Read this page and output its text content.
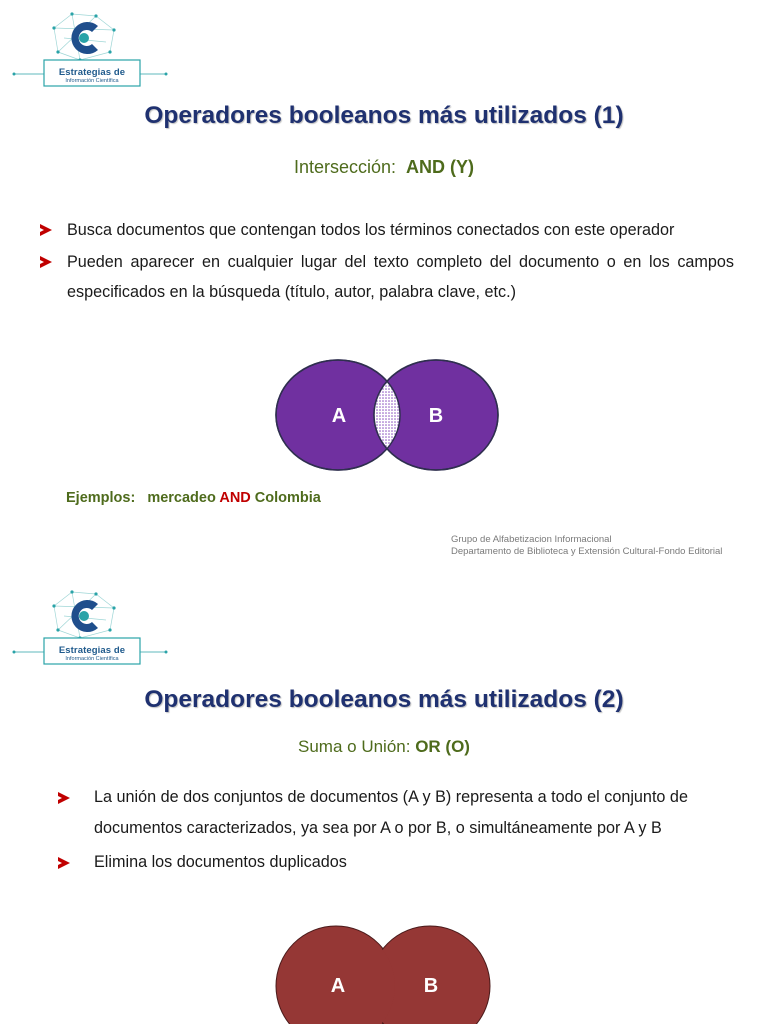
Estrategias de
Información Científica
Operadores booleanos más utilizados (1)
Intersección: AND (Y)
Busca documentos que contengan todos los términos conectados con este operador
Pueden aparecer en cualquier lugar del texto completo del documento o en los campos especificados en la búsqueda (título, autor, palabra clave, etc.)
A	B
Ejemplos: mercadeo AND Colombia
Grupo de Alfabetizacion Informacional
Departamento de Biblioteca y Extensión Cultural-Fondo Editorial
Estrategias de
Información Científica
Operadores booleanos más utilizados (2)
Suma o Unión: OR (O)
La unión de dos conjuntos de documentos (A y B) representa a todo el conjunto de documentos caracterizados, ya sea por A o por B, o simultáneamente por A y B
Elimina los documentos duplicados
A	B
